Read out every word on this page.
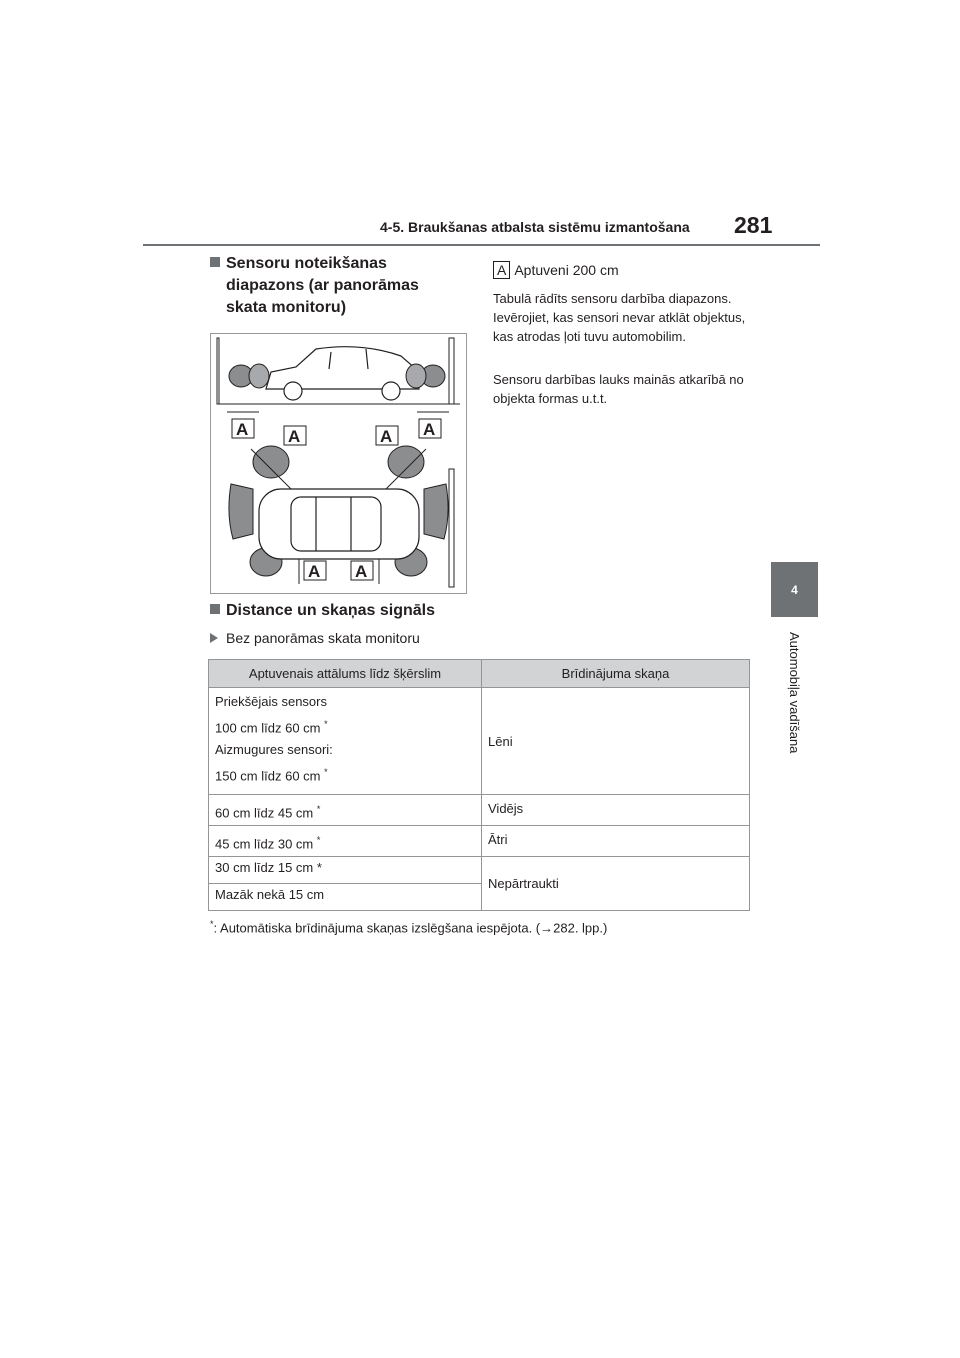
4-5. Braukšanas atbalsta sistēmu izmantošana 281
4
Automobiļa vadīšana
Sensoru noteikšanas diapazons (ar panorāmas skata monitoru)
A A	A A
A A
A Aptuveni 200 cm
Tabulā rādīts sensoru darbība diapazons. Ievērojiet, kas sensori nevar atklāt objektus, kas atrodas ļoti tuvu automobilim.
Sensoru darbības lauks mainās atkarībā no objekta formas u.t.t.
Distance un skaņas signāls
Bez panorāmas skata monitoru
Aptuvenais attālums līdz šķērslim	Brīdinājuma skaņa

Priekšējais sensors
100 cm līdz 60 cm *
Aizmugures sensori:
150 cm līdz 60 cm *	Lēni

60 cm līdz 45 cm *	Vidējs

45 cm līdz 30 cm *	Ātri

30 cm līdz 15 cm *	Nepārtraukti

Mazāk nekā 15 cm	
*: Automātiska brīdinājuma skaņas izslēgšana iespējota. (→282. lpp.)
